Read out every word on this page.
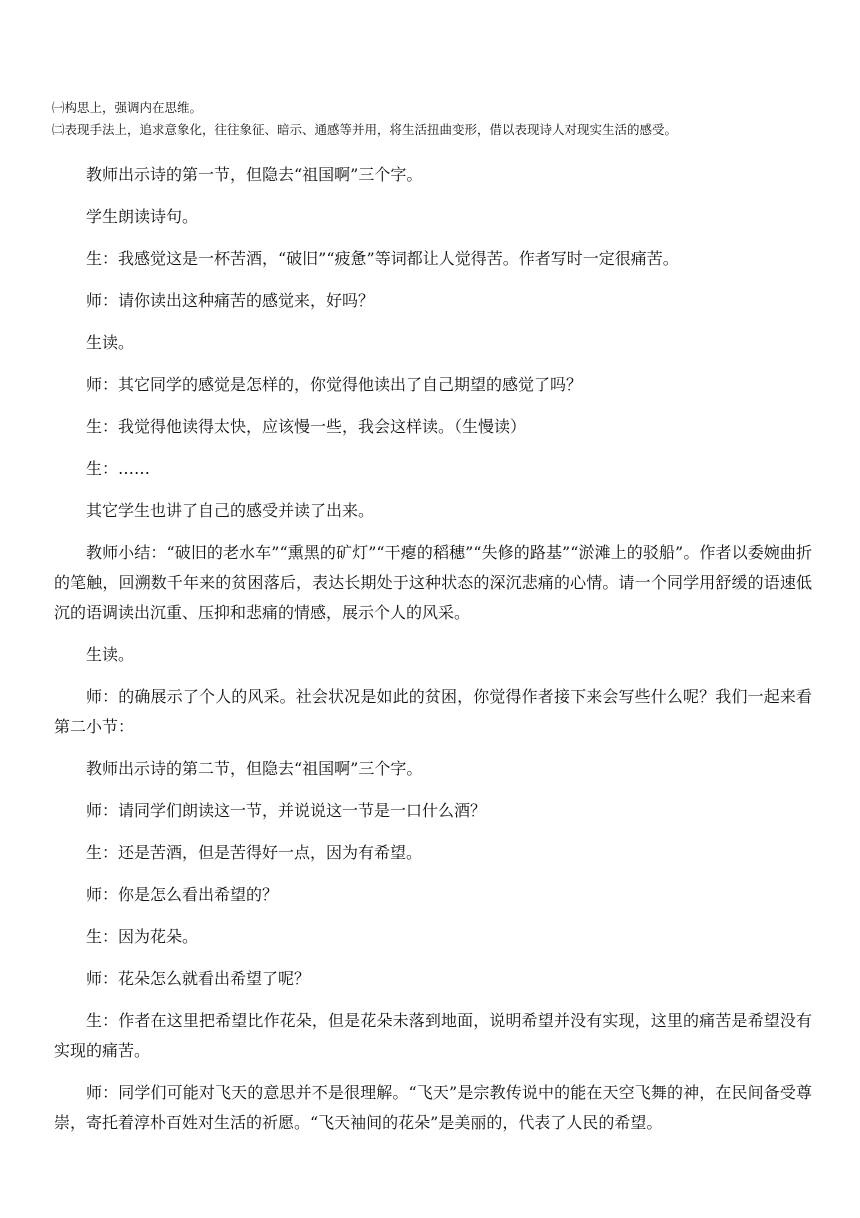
㈠构思上，强调内在思维。

㈡表现手法上，追求意象化，往往象征、暗示、通感等并用，将生活扭曲变形，借以表现诗人对现实生活的感受。

教师出示诗的第一节，但隐去“祖国啊”三个字。

学生朗读诗句。

生：我感觉这是一杯苦酒，“破旧”“疲惫”等词都让人觉得苦。作者写时一定很痛苦。

师：请你读出这种痛苦的感觉来，好吗？

生读。

师：其它同学的感觉是怎样的，你觉得他读出了自己期望的感觉了吗？

生：我觉得他读得太快，应该慢一些，我会这样读。（生慢读）

生：……

其它学生也讲了自己的感受并读了出来。

教师小结：“破旧的老水车”“熏黑的矿灯”“干瘪的稻穗”“失修的路基”“淤滩上的驳船”。作者以委婉曲折的笔触，回溯数千年来的贫困落后，表达长期处于这种状态的深沉悲痛的心情。请一个同学用舒缓的语速低沉的语调读出沉重、压抑和悲痛的情感，展示个人的风采。

生读。

师：的确展示了个人的风采。社会状况是如此的贫困，你觉得作者接下来会写些什么呢？我们一起来看第二小节：

教师出示诗的第二节，但隐去“祖国啊”三个字。

师：请同学们朗读这一节，并说说这一节是一口什么酒？

生：还是苦酒，但是苦得好一点，因为有希望。

师：你是怎么看出希望的？

生：因为花朵。

师：花朵怎么就看出希望了呢？

生：作者在这里把希望比作花朵，但是花朵未落到地面，说明希望并没有实现，这里的痛苦是希望没有实现的痛苦。

师：同学们可能对飞天的意思并不是很理解。“飞天”是宗教传说中的能在天空飞舞的神，在民间备受尊崇，寄托着淳朴百姓对生活的祈愿。“飞天袖间的花朵”是美丽的，代表了人民的希望。
